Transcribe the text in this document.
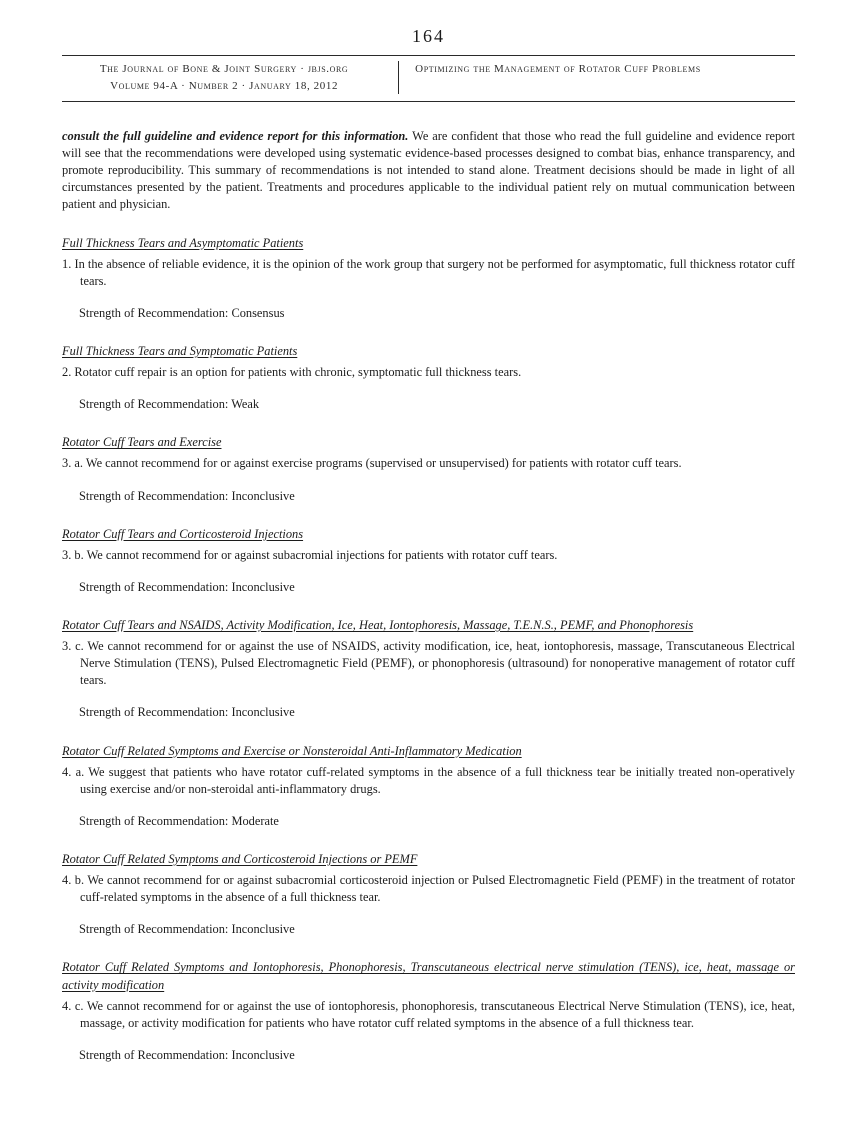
164
The Journal of Bone & Joint Surgery · jbjs.org
Volume 94-A · Number 2 · January 18, 2012
Optimizing the Management of Rotator Cuff Problems

consult the full guideline and evidence report for this information. We are confident that those who read the full guideline and evidence report will see that the recommendations were developed using systematic evidence-based processes designed to combat bias, enhance transparency, and promote reproducibility. This summary of recommendations is not intended to stand alone. Treatment decisions should be made in light of all circumstances presented by the patient. Treatments and procedures applicable to the individual patient rely on mutual communication between patient and physician.

Full Thickness Tears and Asymptomatic Patients

1. In the absence of reliable evidence, it is the opinion of the work group that surgery not be performed for asymptomatic, full thickness rotator cuff tears.

Strength of Recommendation: Consensus

Full Thickness Tears and Symptomatic Patients

2. Rotator cuff repair is an option for patients with chronic, symptomatic full thickness tears.

Strength of Recommendation: Weak

Rotator Cuff Tears and Exercise

3. a. We cannot recommend for or against exercise programs (supervised or unsupervised) for patients with rotator cuff tears.

Strength of Recommendation: Inconclusive

Rotator Cuff Tears and Corticosteroid Injections

3. b. We cannot recommend for or against subacromial injections for patients with rotator cuff tears.

Strength of Recommendation: Inconclusive

Rotator Cuff Tears and NSAIDS, Activity Modification, Ice, Heat, Iontophoresis, Massage, T.E.N.S., PEMF, and Phonophoresis

3. c. We cannot recommend for or against the use of NSAIDS, activity modification, ice, heat, iontophoresis, massage, Transcutaneous Electrical Nerve Stimulation (TENS), Pulsed Electromagnetic Field (PEMF), or phonophoresis (ultrasound) for nonoperative management of rotator cuff tears.

Strength of Recommendation: Inconclusive

Rotator Cuff Related Symptoms and Exercise or Nonsteroidal Anti-Inflammatory Medication

4. a. We suggest that patients who have rotator cuff-related symptoms in the absence of a full thickness tear be initially treated non-operatively using exercise and/or non-steroidal anti-inflammatory drugs.

Strength of Recommendation: Moderate

Rotator Cuff Related Symptoms and Corticosteroid Injections or PEMF

4. b. We cannot recommend for or against subacromial corticosteroid injection or Pulsed Electromagnetic Field (PEMF) in the treatment of rotator cuff-related symptoms in the absence of a full thickness tear.

Strength of Recommendation: Inconclusive

Rotator Cuff Related Symptoms and Iontophoresis, Phonophoresis, Transcutaneous electrical nerve stimulation (TENS), ice, heat, massage or activity modification

4. c. We cannot recommend for or against the use of iontophoresis, phonophoresis, transcutaneous Electrical Nerve Stimulation (TENS), ice, heat, massage, or activity modification for patients who have rotator cuff related symptoms in the absence of a full thickness tear.

Strength of Recommendation: Inconclusive
